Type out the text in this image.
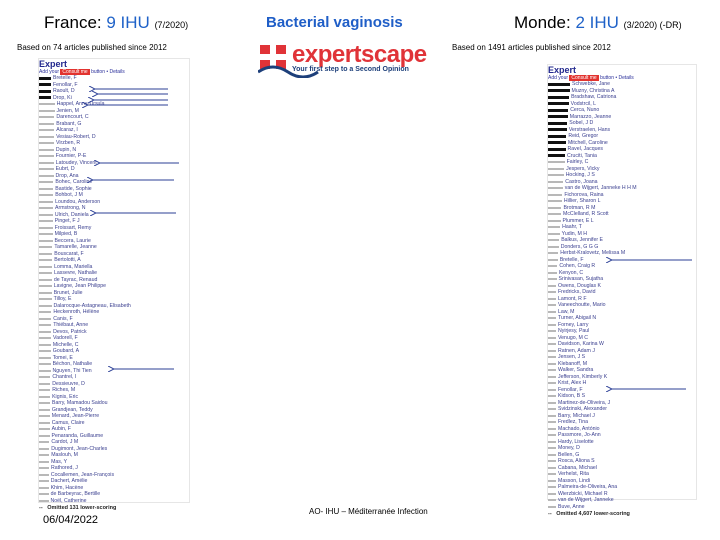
France: 9 IHU (7/2020)
Based on 74 articles published since 2012
Bacterial vaginosis
expertscape
Your first step to a Second Opinion
Monde: 2 IHU (3/2020) (-DR)
Based on 1491 articles published since 2012
Expert
Add your Consult me button • Details
Bretelle, F
Fenollar, F
Raoult, D
Drop, Ki
Happel, Anne-Ursula
Jenien, M
Darencourt, C
Brabant, G
Alcaraz, I
Vesiau-Robert, D
Virzben, R
Dupin, N
Fournier, P-E
Latoudey, Vincent
Eubrt, D
Drop, Ana
Bohec, Caroline
Bastide, Sophie
Bohbot, J M
Loundou, Anderson
Armstrong, N
Ulrich, Daniela
Pinget, F J
Froissart, Remy
Milpied, B
Beccera, Laurie
Tamarelle, Jeanne
Bouscarat, F
Bertolotti, A
Lomma, Mariella
Lassevre, Nathalie
de Tayrac, Renaud
Lavigne, Jean Philippe
Brunet, Julie
Tilloy, E
Dalarocque-Astagneau, Elisabeth
Heckenroth, Hélène
Canis, F
Thiébaut, Anne
Devos, Patrick
Vadorell, F
Michelle, C
Goubard, A
Tomei, E
Béchon, Nathalie
Nguyen, Thi Tien
Chantrel, I
Dessieuvre, D
Riches, M
Kignis, Eric
Barry, Mamadou Saidou
Grandjean, Teddy
Menard, Jean-Pierre
Camus, Claire
Aubin, F
Penaranda, Guillaume
Cardot, J M
Dugimont, Jean-Charles
Maslouh, M
Mas, Y
Rathored, J
Cocallemen, Jean-François
Dachert, Amélie
Khim, Hacène
de Barbeyrac, Bertille
Noël, Catherine
--   Omitted 131 lower-scoring
Expert
Add your Consult me button • Details
Schwebke, Jane
Muzny, Christina A
Bradshaw, Catriona
Vodstrcil, L
Cerca, Nuno
Marrazzo, Jeanne
Sobel, J D
Verstraelen, Hans
Reid, Gregor
Mitchell, Caroline
Ravel, Jacques
Cruciti, Tania
Fairley, C
Jespers, Vicky
Hocking, J S
Castro, Joana
van de Wijgert, Janneke H H M
Fichorova, Raina
Hillier, Sharon L
Brotman, R M
McClelland, R Scott
Plummer, E L
Haahr, T
Yudin, M H
Balkus, Jennifer E
Donders, G G G
Herbst-Kralovetz, Melissa M
Bretelle, F
Cohen, Craig R
Kenyon, C
Srinivasan, Sujatha
Owens, Douglas K
Fredricks, David
Lamont, R F
Vaneechoutte, Mario
Law, M
Turner, Abigail N
Forney, Larry
Nyirjesy, Paul
Venugo, M C
Davidson, Karina W
Ratnen, Adam J
Jensen, J S
Klebanoff, M
Walker, Sandra
Jefferson, Kimberly K
Krist, Alex H
Fenollar, F
Kidson, B S
Martinez-de-Oliveira, J
Svidzinski, Alexander
Barry, Michael J
Fredlez, Tina
Machado, António
Passmore, Jo-Ann
Hardy, Liselotte
Money, D
Bellen, G
Rosca, Aliona S
Cabana, Michael
Verhelst, Rita
Masson, Lindi
Palmeira-de-Oliveira, Ana
Wierzbicki, Michael R
van de Wijgert, Janneke
Buve, Anne
--   Omitted 4,607 lower-scoring
06/04/2022
AO- IHU – Méditerranée Infection
